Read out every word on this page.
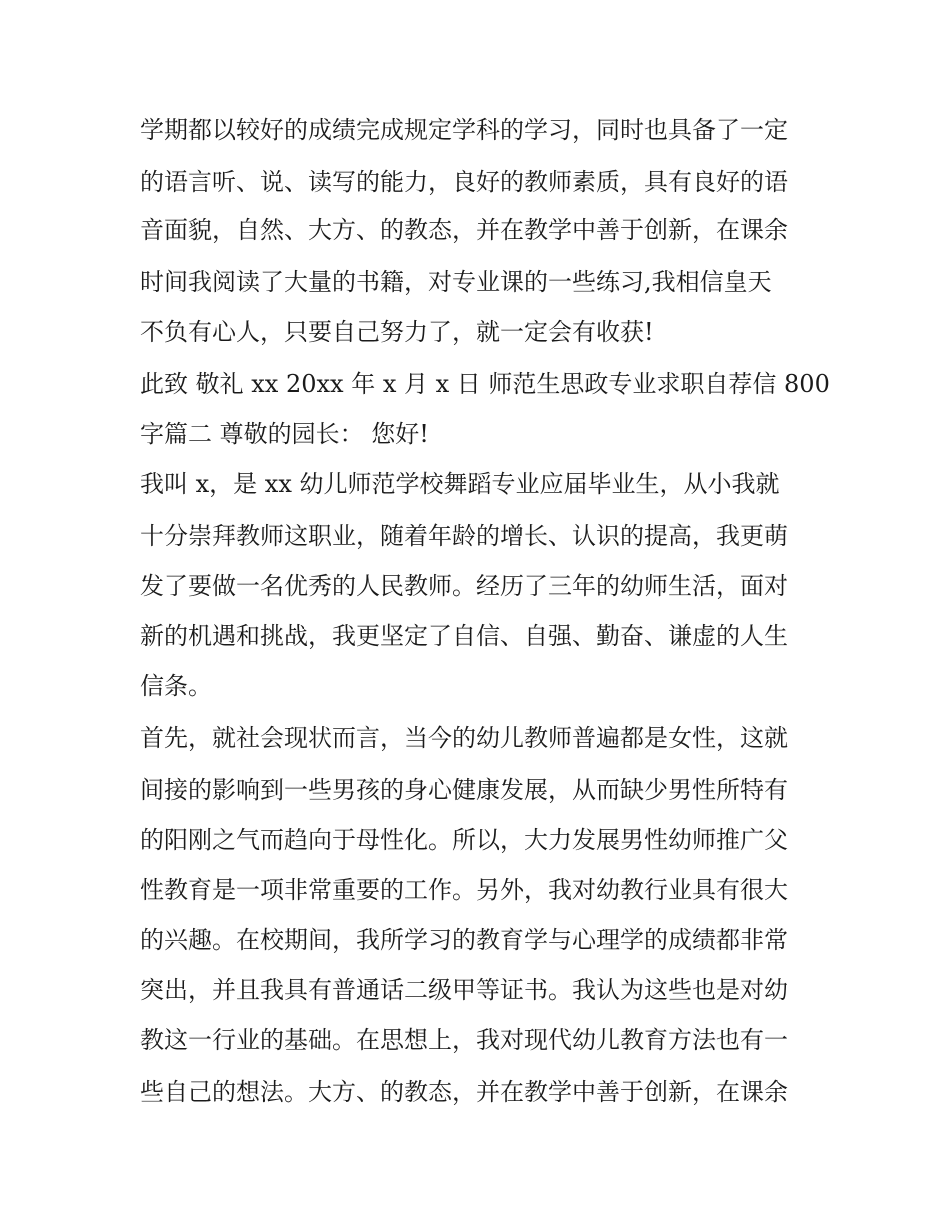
学期都以较好的成绩完成规定学科的学习，同时也具备了一定
的语言听、说、读写的能力，良好的教师素质，具有良好的语
音面貌，自然、大方、的教态，并在教学中善于创新，在课余
时间我阅读了大量的书籍，对专业课的一些练习,我相信皇天
不负有心人，只要自己努力了，就一定会有收获!
此致 敬礼 xx 20xx 年 x 月 x 日 师范生思政专业求职自荐信 800
字篇二 尊敬的园长： 您好!
我叫 x，是 xx 幼儿师范学校舞蹈专业应届毕业生，从小我就
十分崇拜教师这职业，随着年龄的增长、认识的提高，我更萌
发了要做一名优秀的人民教师。经历了三年的幼师生活，面对
新的机遇和挑战，我更坚定了自信、自强、勤奋、谦虚的人生
信条。
首先，就社会现状而言，当今的幼儿教师普遍都是女性，这就
间接的影响到一些男孩的身心健康发展，从而缺少男性所特有
的阳刚之气而趋向于母性化。所以，大力发展男性幼师推广父
性教育是一项非常重要的工作。另外，我对幼教行业具有很大
的兴趣。在校期间，我所学习的教育学与心理学的成绩都非常
突出，并且我具有普通话二级甲等证书。我认为这些也是对幼
教这一行业的基础。在思想上，我对现代幼儿教育方法也有一
些自己的想法。大方、的教态，并在教学中善于创新，在课余
